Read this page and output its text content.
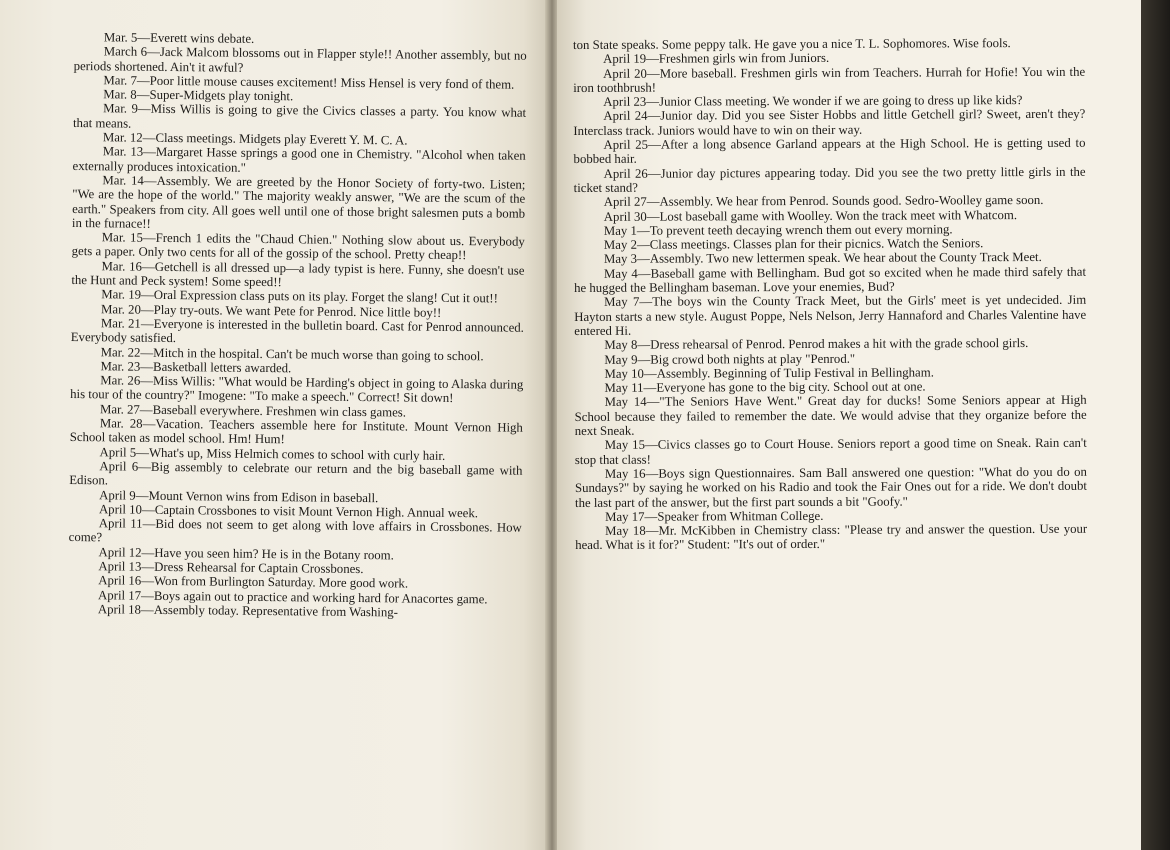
Mar. 5—Everett wins debate.

March 6—Jack Malcom blossoms out in Flapper style!! Another assembly, but no periods shortened. Ain't it awful?

Mar. 7—Poor little mouse causes excitement! Miss Hensel is very fond of them.

Mar. 8—Super-Midgets play tonight.

Mar. 9—Miss Willis is going to give the Civics classes a party. You know what that means.

Mar. 12—Class meetings. Midgets play Everett Y. M. C. A.

Mar. 13—Margaret Hasse springs a good one in Chemistry. "Alcohol when taken externally produces intoxication."

Mar. 14—Assembly. We are greeted by the Honor Society of forty-two. Listen; "We are the hope of the world." The majority weakly answer, "We are the scum of the earth." Speakers from city. All goes well until one of those bright salesmen puts a bomb in the furnace!!

Mar. 15—French 1 edits the "Chaud Chien." Nothing slow about us. Everybody gets a paper. Only two cents for all of the gossip of the school. Pretty cheap!!

Mar. 16—Getchell is all dressed up—a lady typist is here. Funny, she doesn't use the Hunt and Peck system! Some speed!!

Mar. 19—Oral Expression class puts on its play. Forget the slang! Cut it out!!

Mar. 20—Play try-outs. We want Pete for Penrod. Nice little boy!!

Mar. 21—Everyone is interested in the bulletin board. Cast for Penrod announced. Everybody satisfied.

Mar. 22—Mitch in the hospital. Can't be much worse than going to school.

Mar. 23—Basketball letters awarded.

Mar. 26—Miss Willis: "What would be Harding's object in going to Alaska during his tour of the country?" Imogene: "To make a speech." Correct! Sit down!

Mar. 27—Baseball everywhere. Freshmen win class games.

Mar. 28—Vacation. Teachers assemble here for Institute. Mount Vernon High School taken as model school. Hm! Hum!

April 5—What's up, Miss Helmich comes to school with curly hair.

April 6—Big assembly to celebrate our return and the big baseball game with Edison.

April 9—Mount Vernon wins from Edison in baseball.

April 10—Captain Crossbones to visit Mount Vernon High. Annual week.

April 11—Bid does not seem to get along with love affairs in Crossbones. How come?

April 12—Have you seen him? He is in the Botany room.

April 13—Dress Rehearsal for Captain Crossbones.

April 16—Won from Burlington Saturday. More good work.

April 17—Boys again out to practice and working hard for Anacortes game.

April 18—Assembly today. Representative from Washing-

ton State speaks. Some peppy talk. He gave you a nice T. L. Sophomores. Wise fools.

April 19—Freshmen girls win from Juniors.

April 20—More baseball. Freshmen girls win from Teachers. Hurrah for Hofie! You win the iron toothbrush!

April 23—Junior Class meeting. We wonder if we are going to dress up like kids?

April 24—Junior day. Did you see Sister Hobbs and little Getchell girl? Sweet, aren't they? Interclass track. Juniors would have to win on their way.

April 25—After a long absence Garland appears at the High School. He is getting used to bobbed hair.

April 26—Junior day pictures appearing today. Did you see the two pretty little girls in the ticket stand?

April 27—Assembly. We hear from Penrod. Sounds good. Sedro-Woolley game soon.

April 30—Lost baseball game with Woolley. Won the track meet with Whatcom.

May 1—To prevent teeth decaying wrench them out every morning.

May 2—Class meetings. Classes plan for their picnics. Watch the Seniors.

May 3—Assembly. Two new lettermen speak. We hear about the County Track Meet.

May 4—Baseball game with Bellingham. Bud got so excited when he made third safely that he hugged the Bellingham baseman. Love your enemies, Bud?

May 7—The boys win the County Track Meet, but the Girls' meet is yet undecided. Jim Hayton starts a new style. August Poppe, Nels Nelson, Jerry Hannaford and Charles Valentine have entered Hi.

May 8—Dress rehearsal of Penrod. Penrod makes a hit with the grade school girls.

May 9—Big crowd both nights at play "Penrod."

May 10—Assembly. Beginning of Tulip Festival in Bellingham.

May 11—Everyone has gone to the big city. School out at one.

May 14—"The Seniors Have Went." Great day for ducks! Some Seniors appear at High School because they failed to remember the date. We would advise that they organize before the next Sneak.

May 15—Civics classes go to Court House. Seniors report a good time on Sneak. Rain can't stop that class!

May 16—Boys sign Questionnaires. Sam Ball answered one question: "What do you do on Sundays?" by saying he worked on his Radio and took the Fair Ones out for a ride. We don't doubt the last part of the answer, but the first part sounds a bit "Goofy."

May 17—Speaker from Whitman College.

May 18—Mr. McKibben in Chemistry class: "Please try and answer the question. Use your head. What is it for?" Student: "It's out of order."
